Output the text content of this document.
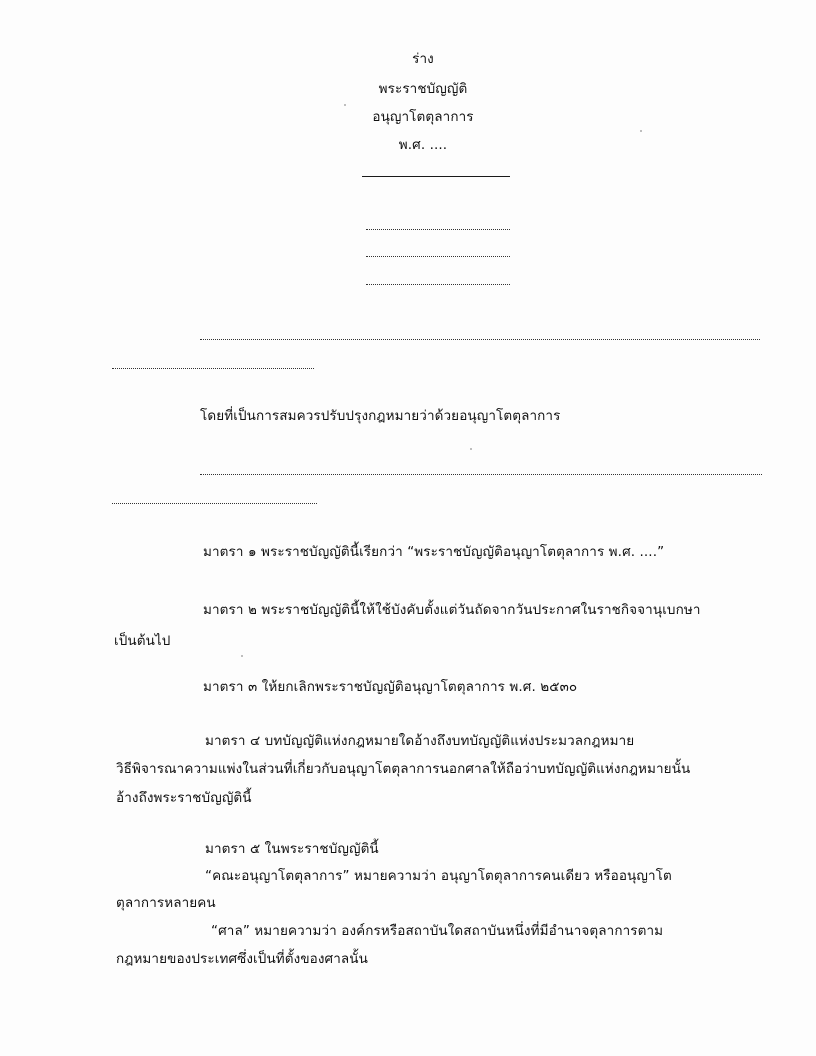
ร่าง
พระราชบัญญัติ
อนุญาโตตุลาการ
พ.ศ. ....
โดยที่เป็นการสมควรปรับปรุงกฎหมายว่าด้วยอนุญาโตตุลาการ
มาตรา ๑ พระราชบัญญัตินี้เรียกว่า “พระราชบัญญัติอนุญาโตตุลาการ พ.ศ. ....”
มาตรา ๒ พระราชบัญญัตินี้ให้ใช้บังคับตั้งแต่วันถัดจากวันประกาศในราชกิจจานุเบกษา
เป็นต้นไป
มาตรา ๓ ให้ยกเลิกพระราชบัญญัติอนุญาโตตุลาการ พ.ศ. ๒๕๓๐
มาตรา ๔ บทบัญญัติแห่งกฎหมายใดอ้างถึงบทบัญญัติแห่งประมวลกฎหมาย
วิธีพิจารณาความแพ่งในส่วนที่เกี่ยวกับอนุญาโตตุลาการนอกศาลให้ถือว่าบทบัญญัติแห่งกฎหมายนั้น
อ้างถึงพระราชบัญญัตินี้
มาตรา ๕ ในพระราชบัญญัตินี้
“คณะอนุญาโตตุลาการ” หมายความว่า อนุญาโตตุลาการคนเดียว หรืออนุญาโต
ตุลาการหลายคน
“ศาล” หมายความว่า องค์กรหรือสถาบันใดสถาบันหนึ่งที่มีอำนาจตุลาการตาม
กฎหมายของประเทศซึ่งเป็นที่ตั้งของศาลนั้น
